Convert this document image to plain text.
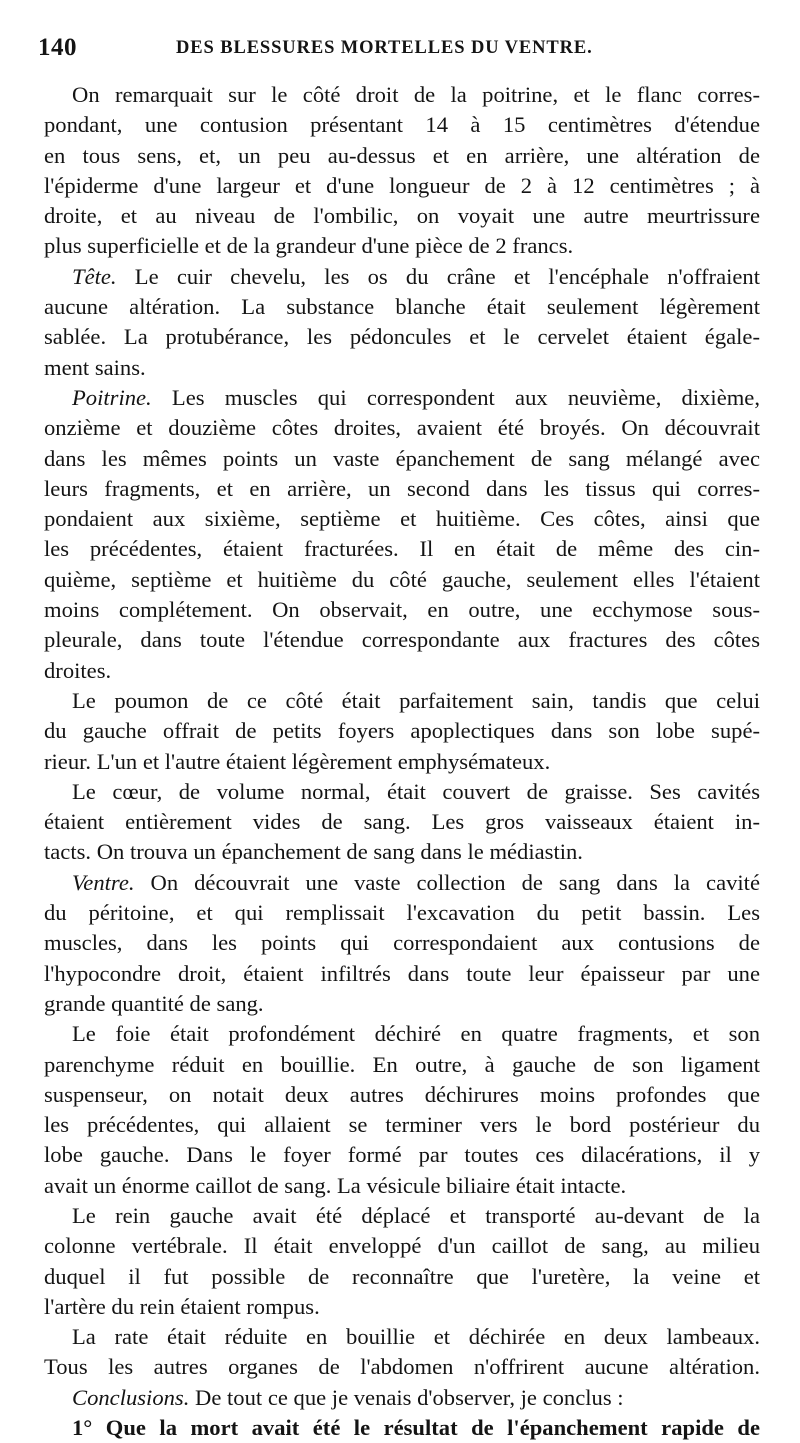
140	DES BLESSURES MORTELLES DU VENTRE.
On remarquait sur le côté droit de la poitrine, et le flanc corres-
pondant, une contusion présentant 14 à 15 centimètres d'étendue
en tous sens, et, un peu au-dessus et en arrière, une altération de
l'épiderme d'une largeur et d'une longueur de 2 à 12 centimètres ; à
droite, et au niveau de l'ombilic, on voyait une autre meurtrissure
plus superficielle et de la grandeur d'une pièce de 2 francs.
Tête. Le cuir chevelu, les os du crâne et l'encéphale n'offraient
aucune altération. La substance blanche était seulement légèrement
sablée. La protubérance, les pédoncules et le cervelet étaient égale-
ment sains.
Poitrine. Les muscles qui correspondent aux neuvième, dixième,
onzième et douzième côtes droites, avaient été broyés. On découvrait
dans les mêmes points un vaste épanchement de sang mélangé avec
leurs fragments, et en arrière, un second dans les tissus qui corres-
pondaient aux sixième, septième et huitième. Ces côtes, ainsi que
les précédentes, étaient fracturées. Il en était de même des cin-
quième, septième et huitième du côté gauche, seulement elles l'étaient
moins complétement. On observait, en outre, une ecchymose sous-
pleurale, dans toute l'étendue correspondante aux fractures des côtes
droites.
Le poumon de ce côté était parfaitement sain, tandis que celui
du gauche offrait de petits foyers apoplectiques dans son lobe supé-
rieur. L'un et l'autre étaient légèrement emphysémateux.
Le cœur, de volume normal, était couvert de graisse. Ses cavités
étaient entièrement vides de sang. Les gros vaisseaux étaient in-
tacts. On trouva un épanchement de sang dans le médiastin.
Ventre. On découvrait une vaste collection de sang dans la cavité
du péritoine, et qui remplissait l'excavation du petit bassin. Les
muscles, dans les points qui correspondaient aux contusions de
l'hypocondre droit, étaient infiltrés dans toute leur épaisseur par une
grande quantité de sang.
Le foie était profondément déchiré en quatre fragments, et son
parenchyme réduit en bouillie. En outre, à gauche de son ligament
suspenseur, on notait deux autres déchirures moins profondes que
les précédentes, qui allaient se terminer vers le bord postérieur du
lobe gauche. Dans le foyer formé par toutes ces dilacérations, il y
avait un énorme caillot de sang. La vésicule biliaire était intacte.
Le rein gauche avait été déplacé et transporté au-devant de la
colonne vertébrale. Il était enveloppé d'un caillot de sang, au milieu
duquel il fut possible de reconnaître que l'uretère, la veine et
l'artère du rein étaient rompus.
La rate était réduite en bouillie et déchirée en deux lambeaux.
Tous les autres organes de l'abdomen n'offrirent aucune altération.
Conclusions. De tout ce que je venais d'observer, je conclus :
1° Que la mort avait été le résultat de l'épanchement rapide de
